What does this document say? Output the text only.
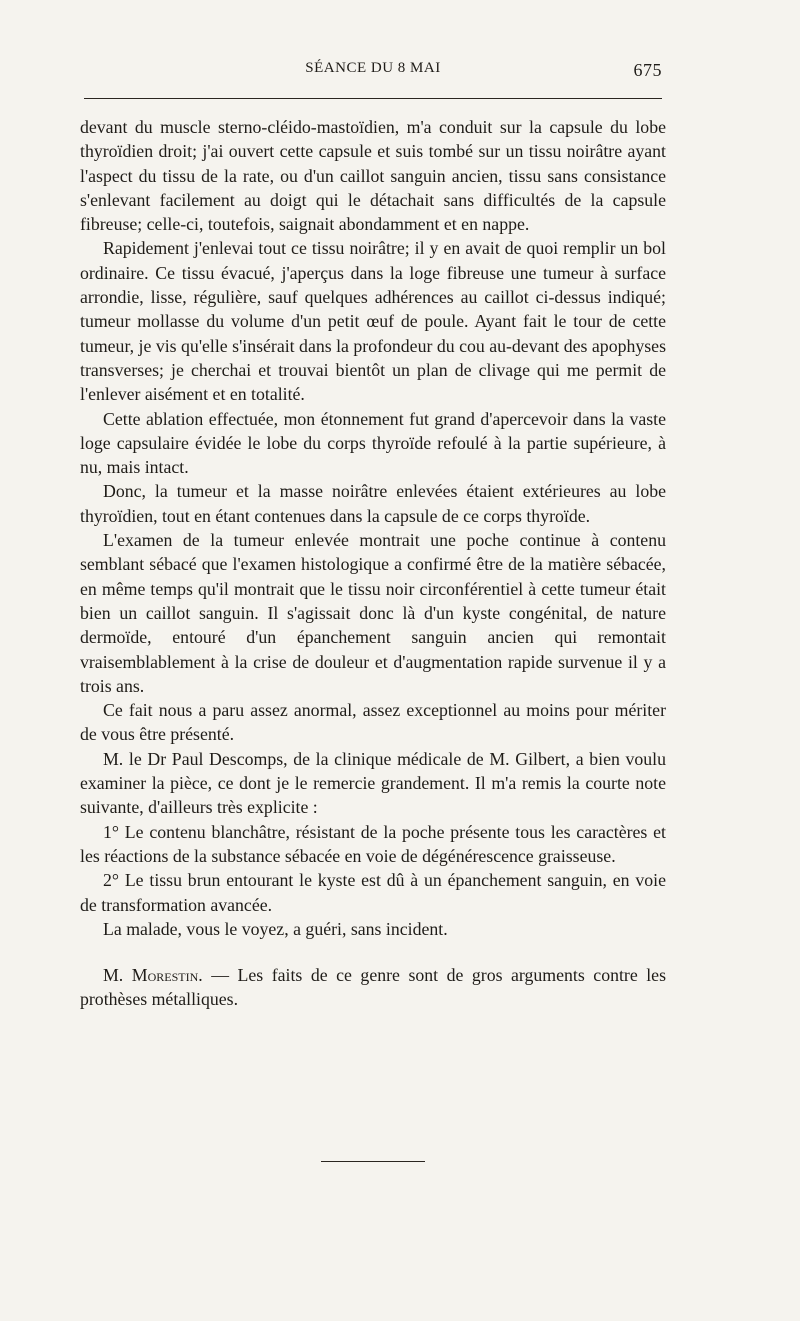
SÉANCE DU 8 MAI	675

devant du muscle sterno-cléido-mastoïdien, m'a conduit sur la capsule du lobe thyroïdien droit; j'ai ouvert cette capsule et suis tombé sur un tissu noirâtre ayant l'aspect du tissu de la rate, ou d'un caillot sanguin ancien, tissu sans consistance s'enlevant facilement au doigt qui le détachait sans difficultés de la capsule fibreuse; celle-ci, toutefois, saignait abondamment et en nappe.

Rapidement j'enlevai tout ce tissu noirâtre; il y en avait de quoi remplir un bol ordinaire. Ce tissu évacué, j'aperçus dans la loge fibreuse une tumeur à surface arrondie, lisse, régulière, sauf quelques adhérences au caillot ci-dessus indiqué; tumeur mollasse du volume d'un petit œuf de poule. Ayant fait le tour de cette tumeur, je vis qu'elle s'insérait dans la profondeur du cou au-devant des apophyses transverses; je cherchai et trouvai bientôt un plan de clivage qui me permit de l'enlever aisément et en totalité.

Cette ablation effectuée, mon étonnement fut grand d'apercevoir dans la vaste loge capsulaire évidée le lobe du corps thyroïde refoulé à la partie supérieure, à nu, mais intact.

Donc, la tumeur et la masse noirâtre enlevées étaient extérieures au lobe thyroïdien, tout en étant contenues dans la capsule de ce corps thyroïde.

L'examen de la tumeur enlevée montrait une poche continue à contenu semblant sébacé que l'examen histologique a confirmé être de la matière sébacée, en même temps qu'il montrait que le tissu noir circonférentiel à cette tumeur était bien un caillot sanguin. Il s'agissait donc là d'un kyste congénital, de nature dermoïde, entouré d'un épanchement sanguin ancien qui remontait vraisemblablement à la crise de douleur et d'augmentation rapide survenue il y a trois ans.

Ce fait nous a paru assez anormal, assez exceptionnel au moins pour mériter de vous être présenté.

M. le Dr Paul Descomps, de la clinique médicale de M. Gilbert, a bien voulu examiner la pièce, ce dont je le remercie grandement. Il m'a remis la courte note suivante, d'ailleurs très explicite :

1° Le contenu blanchâtre, résistant de la poche présente tous les caractères et les réactions de la substance sébacée en voie de dégénérescence graisseuse.

2° Le tissu brun entourant le kyste est dû à un épanchement sanguin, en voie de transformation avancée.

La malade, vous le voyez, a guéri, sans incident.

M. Morestin. — Les faits de ce genre sont de gros arguments contre les prothèses métalliques.
